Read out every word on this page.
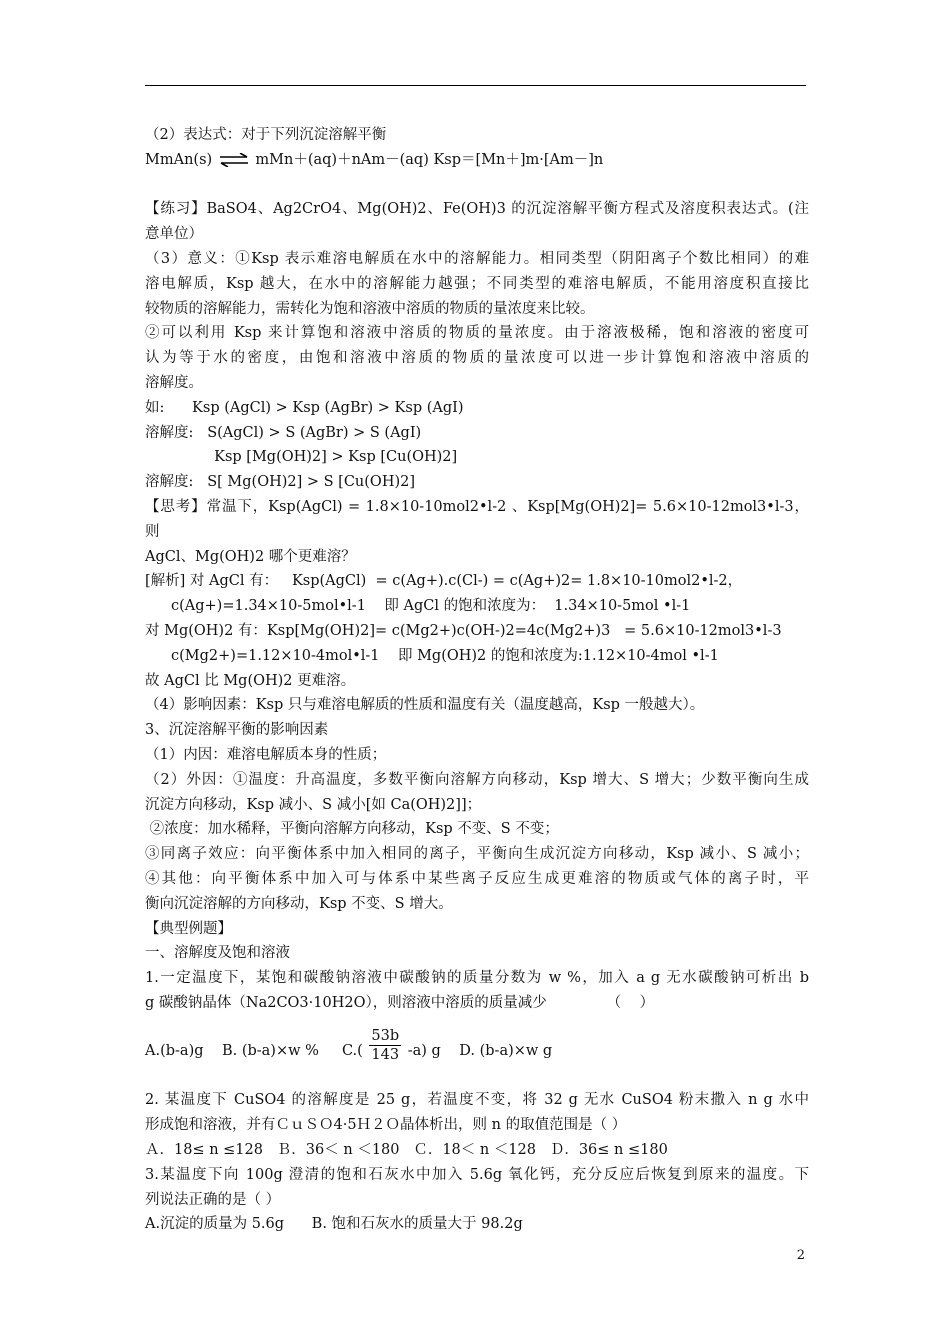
（2）表达式：对于下列沉淀溶解平衡
MmAn(s) ⇌ mMn＋(aq)＋nAm－(aq) Ksp＝[Mn＋]m·[Am－]n
【练习】BaSO4、Ag2CrO4、Mg(OH)2、Fe(OH)3 的沉淀溶解平衡方程式及溶度积表达式。(注
意单位）
（3）意义：①Ksp 表示难溶电解质在水中的溶解能力。相同类型（阴阳离子个数比相同）的难
溶电解质，Ksp 越大，在水中的溶解能力越强；不同类型的难溶电解质，不能用溶度积直接比
较物质的溶解能力，需转化为饱和溶液中溶质的物质的量浓度来比较。
②可以利用 Ksp 来计算饱和溶液中溶质的物质的量浓度。由于溶液极稀，饱和溶液的密度可
认为等于水的密度，由饱和溶液中溶质的物质的量浓度可以进一步计算饱和溶液中溶质的
溶解度。
如:      Ksp (AgCl) > Ksp (AgBr) > Ksp (AgI)
溶解度:   S(AgCl) > S (AgBr) > S (AgI)
Ksp [Mg(OH)2] > Ksp [Cu(OH)2]
溶解度:   S[ Mg(OH)2] > S [Cu(OH)2]
【思考】常温下，Ksp(AgCl) = 1.8×10-10mol2•l-2 、Ksp[Mg(OH)2]= 5.6×10-12mol3•l-3，则
AgCl、Mg(OH)2 哪个更难溶？
[解析] 对 AgCl 有：   Ksp(AgCl)  = c(Ag+).c(Cl-) = c(Ag+)2= 1.8×10-10mol2•l-2，
c(Ag+)=1.34×10-5mol•l-1    即 AgCl 的饱和浓度为：  1.34×10-5mol •l-1
对 Mg(OH)2 有：Ksp[Mg(OH)2]= c(Mg2+)c(OH-)2=4c(Mg2+)3   = 5.6×10-12mol3•l-3
c(Mg2+)=1.12×10-4mol•l-1    即 Mg(OH)2 的饱和浓度为:1.12×10-4mol •l-1
故 AgCl 比 Mg(OH)2 更难溶。
（4）影响因素：Ksp 只与难溶电解质的性质和温度有关（温度越高，Ksp 一般越大）。
3、沉淀溶解平衡的影响因素
（1）内因：难溶电解质本身的性质；
（2）外因：①温度：升高温度，多数平衡向溶解方向移动，Ksp 增大、S 增大；少数平衡向生成
沉淀方向移动，Ksp 减小、S 减小[如 Ca(OH)2]]；
②浓度：加水稀释，平衡向溶解方向移动，Ksp 不变、S 不变；
③同离子效应：向平衡体系中加入相同的离子，平衡向生成沉淀方向移动，Ksp 减小、S 减小；
④其他：向平衡体系中加入可与体系中某些离子反应生成更难溶的物质或气体的离子时，平
衡向沉淀溶解的方向移动，Ksp 不变、S 增大。
【典型例题】
一、溶解度及饱和溶液
1.一定温度下，某饱和碳酸钠溶液中碳酸钠的质量分数为 w %，加入 a g 无水碳酸钠可析出 b
g 碳酸钠晶体（Na2CO3·10H2O），则溶液中溶质的质量减少             （    ）
A.(b-a)g    B. (b-a)×w %     $C.( \frac{53b}{143} -a)$ g    D. (b-a)×w g
2. 某温度下 CuSO4 的溶解度是 25 g，若温度不变，将 32 g 无水 CuSO4 粉末撒入 n g 水中
形成饱和溶液，并有ＣｕＳＯ4·5Ｈ２Ｏ晶体析出，则 n 的取值范围是（ ）
Ａ．18≤ n ≤128   Ｂ．36＜ n ＜180   Ｃ．18＜ n ＜128   Ｄ．36≤ n ≤180
3.某温度下向 100g 澄清的饱和石灰水中加入 5.6g 氧化钙，充分反应后恢复到原来的温度。下
列说法正确的是（ ）
A.沉淀的质量为 5.6g      B. 饱和石灰水的质量大于 98.2g
2
